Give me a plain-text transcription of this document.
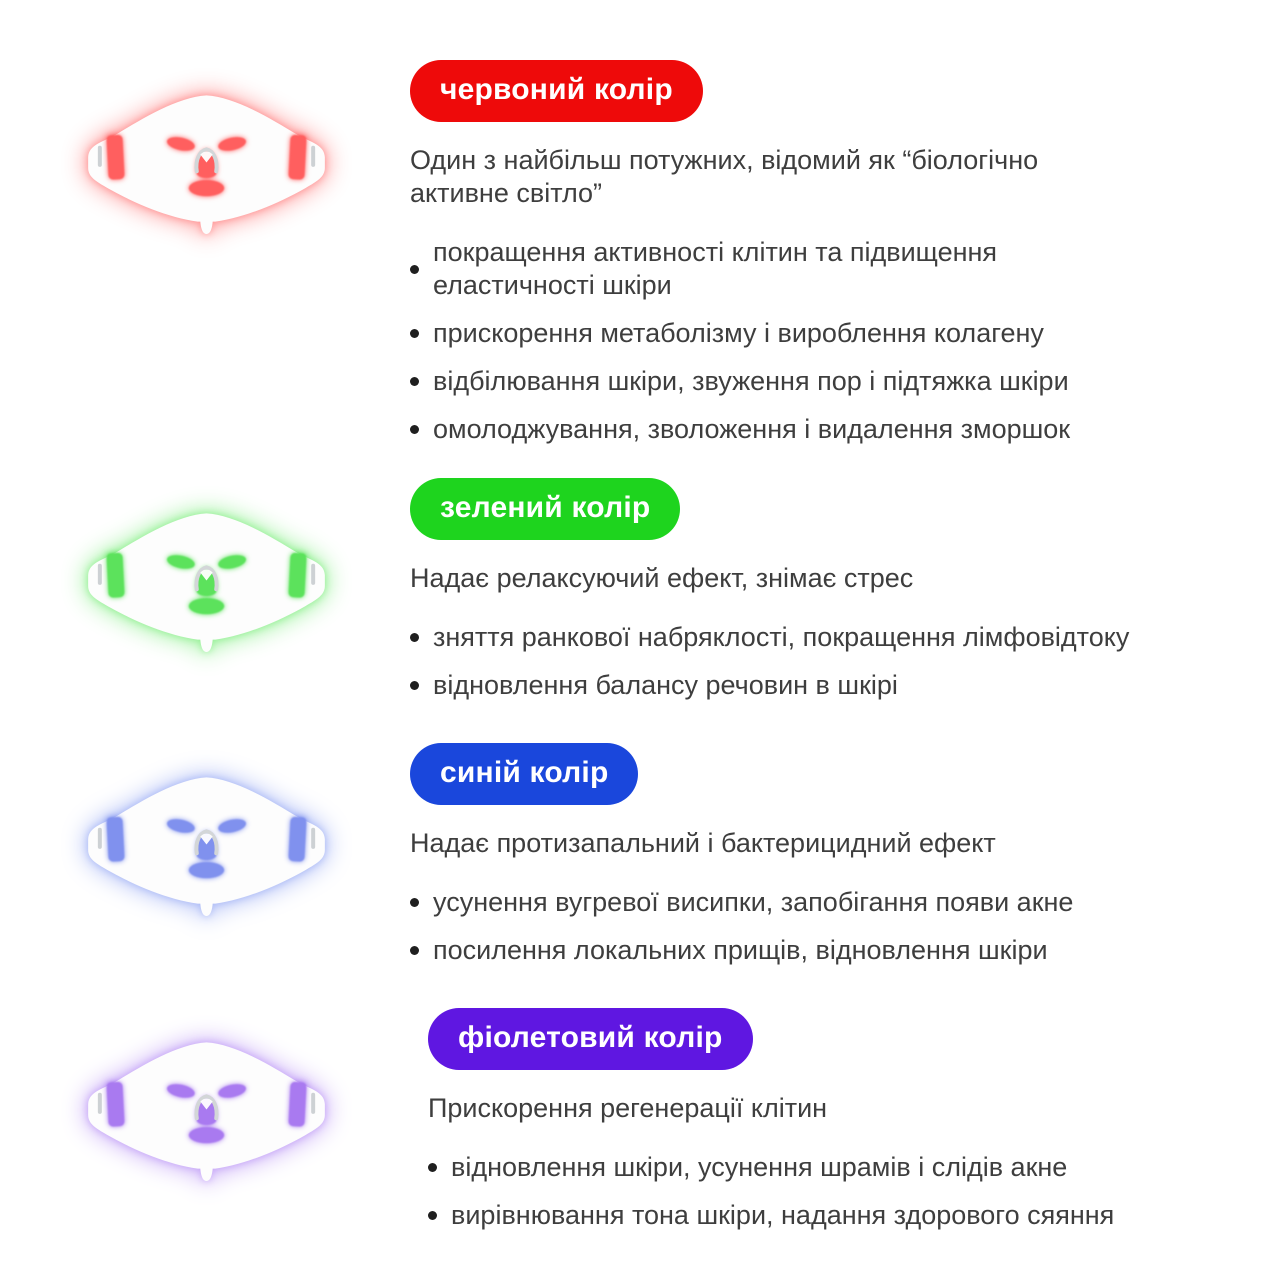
червоний колір

Один з найбільш потужних, відомий як “біологічно активне світло”

покращення активності клітин та підвищення еластичності шкіри
прискорення метаболізму і вироблення колагену
відбілювання шкіри, звуження пор і підтяжка шкіри
омолоджування, зволоження і видалення зморшок
зелений колір

Надає релаксуючий ефект, знімає стрес

зняття ранкової набряклості, покращення лімфовідтоку
відновлення балансу речовин в шкірі
синій колір

Надає протизапальний і бактерицидний ефект

усунення вугревої висипки, запобігання появи акне
посилення локальних прищів, відновлення шкіри
фіолетовий колір

Прискорення регенерації клітин

відновлення шкіри, усунення шрамів і слідів акне
вирівнювання тона шкіри, надання здорового сяяння
